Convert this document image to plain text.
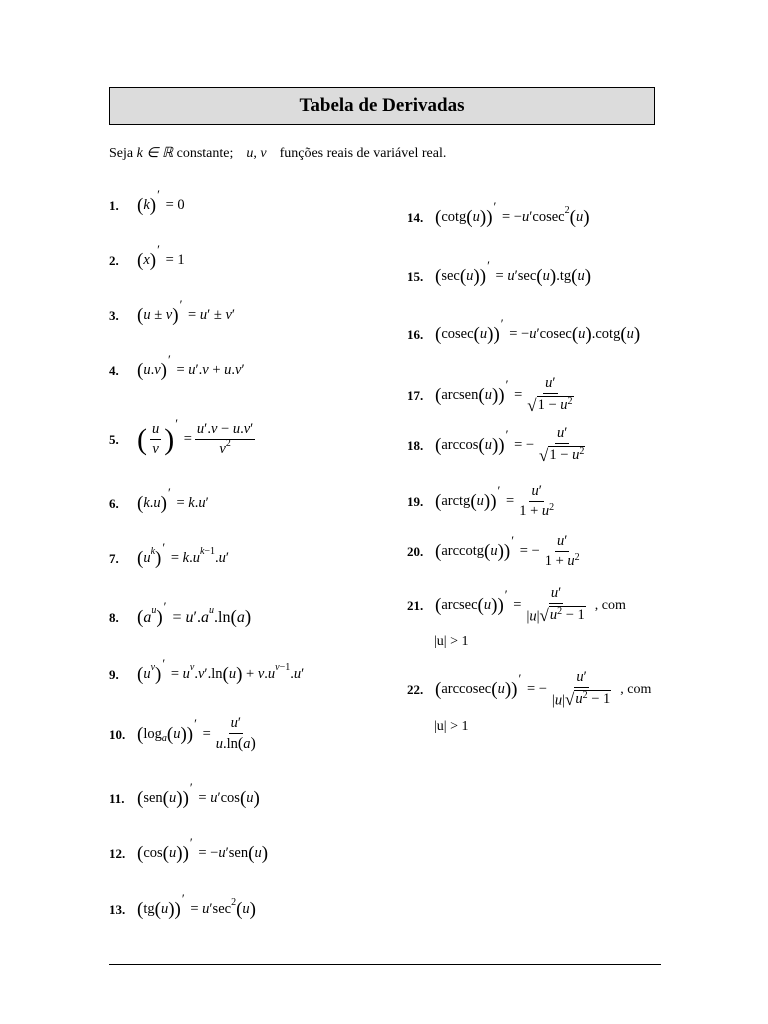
Tabela de Derivadas
Seja k ∈ ℝ constante; u, v funções reais de variável real.
1. ( k )
′
= 0
2. ( x )
′
= 1
3. ( u ± v )
′
= u ′ ± v ′
4. ( u . v )
′
= u ′. v + u . v ′
5. ( $\frac{u}{v}$ ) ′
= $\frac{u'.v - u.v'}{v^2}$
6. ( k . u )
′
= k . u ′
7. ( u k )
′
= k . u k−1 . u ′
8. ( a u )
′
= u ′. a u .ln ( a )
9. ( u v )
′
= u v . v ′.ln ( u ) + v . u v−1 . u ′
10. ( log a ( u ) )
′
= $\frac{u'}{u.\ln(a)}$
11. ( sen ( u ) )
′
= u ′cos ( u )
12. ( cos ( u ) )
′
= − u ′sen ( u )
13. ( tg ( u ) )
′
= u ′sec 2 ( u )
14. ( cotg ( u ) )
′
= − u ′cosec 2 ( u )
15. ( sec ( u ) )
′
= u ′sec ( u ) .tg ( u )
16. ( cosec ( u ) )
′
= − u ′cosec ( u ) .cotg ( u )
17. ( arcsen ( u ) )
′
= $\frac{u'}{√ 1 - u^2}$
18. ( arccos ( u ) )
′
= − $\frac{u'}{√ 1 - u^2}$
19. ( arctg ( u ) )
′
= $\frac{u'}{1 + u^2}$
20. ( arccotg ( u ) )
′
= − $\frac{u'}{1 + u^2}$
21. ( arcsec ( u ) )
′
= $\frac{u'}{|u| √ u^2 - 1}$ , com
|u| > 1
22. ( arccosec ( u ) )
′
= − $\frac{u'}{|u| √ u^2 - 1}$ , com
|u| > 1
